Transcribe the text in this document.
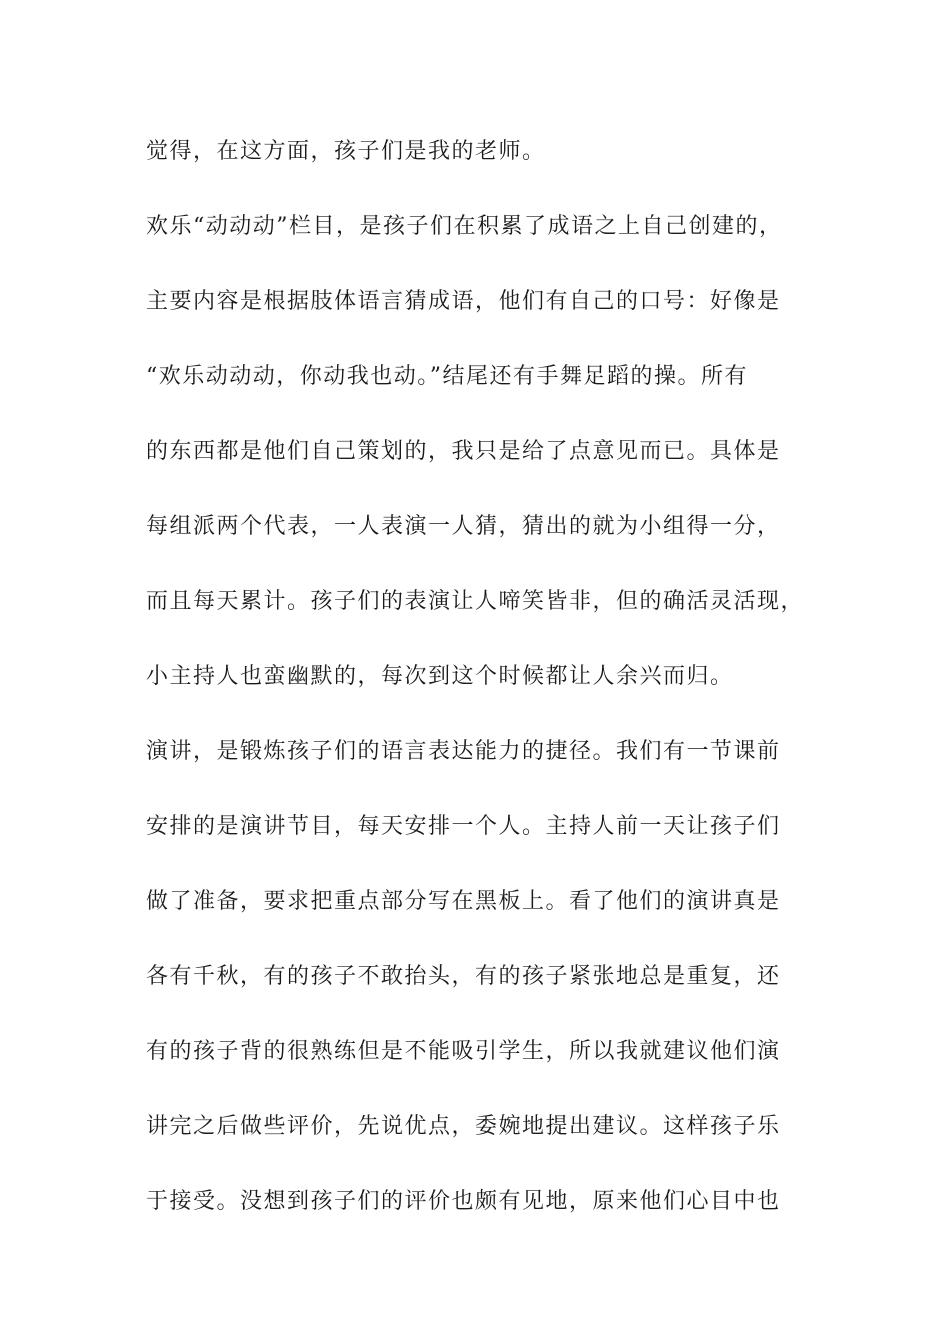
觉得，在这方面，孩子们是我的老师。
欢乐“动动动”栏目，是孩子们在积累了成语之上自己创建的，
主要内容是根据肢体语言猜成语，他们有自己的口号：好像是
“欢乐动动动，你动我也动。”结尾还有手舞足蹈的操。所有
的东西都是他们自己策划的，我只是给了点意见而已。具体是
每组派两个代表，一人表演一人猜，猜出的就为小组得一分，
而且每天累计。孩子们的表演让人啼笑皆非，但的确活灵活现，
小主持人也蛮幽默的，每次到这个时候都让人余兴而归。
演讲，是锻炼孩子们的语言表达能力的捷径。我们有一节课前
安排的是演讲节目，每天安排一个人。主持人前一天让孩子们
做了准备，要求把重点部分写在黑板上。看了他们的演讲真是
各有千秋，有的孩子不敢抬头，有的孩子紧张地总是重复，还
有的孩子背的很熟练但是不能吸引学生，所以我就建议他们演
讲完之后做些评价，先说优点，委婉地提出建议。这样孩子乐
于接受。没想到孩子们的评价也颇有见地，原来他们心目中也
